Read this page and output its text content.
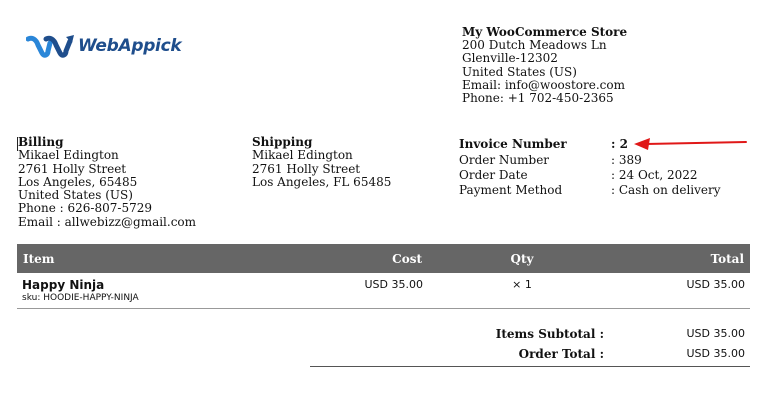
WebAppick
My WooCommerce Store
200 Dutch Meadows Ln
Glenville-12302
United States (US)
Email: info@woostore.com
Phone: +1 702-450-2365
Billing
Mikael Edington
2761 Holly Street
Los Angeles, 65485
United States (US)
Phone : 626-807-5729
Email : allwebizz@gmail.com
Shipping
Mikael Edington
2761 Holly Street
Los Angeles, FL 65485
Invoice Number	: 2
Order Number	: 389
Order Date	: 24 Oct, 2022
Payment Method	: Cash on delivery
Item	Cost	Qty	Total

Happy Ninja
sku: HOODIE-HAPPY-NINJA	USD 35.00	× 1	USD 35.00
Items Subtotal :	USD 35.00
Order Total :	USD 35.00
